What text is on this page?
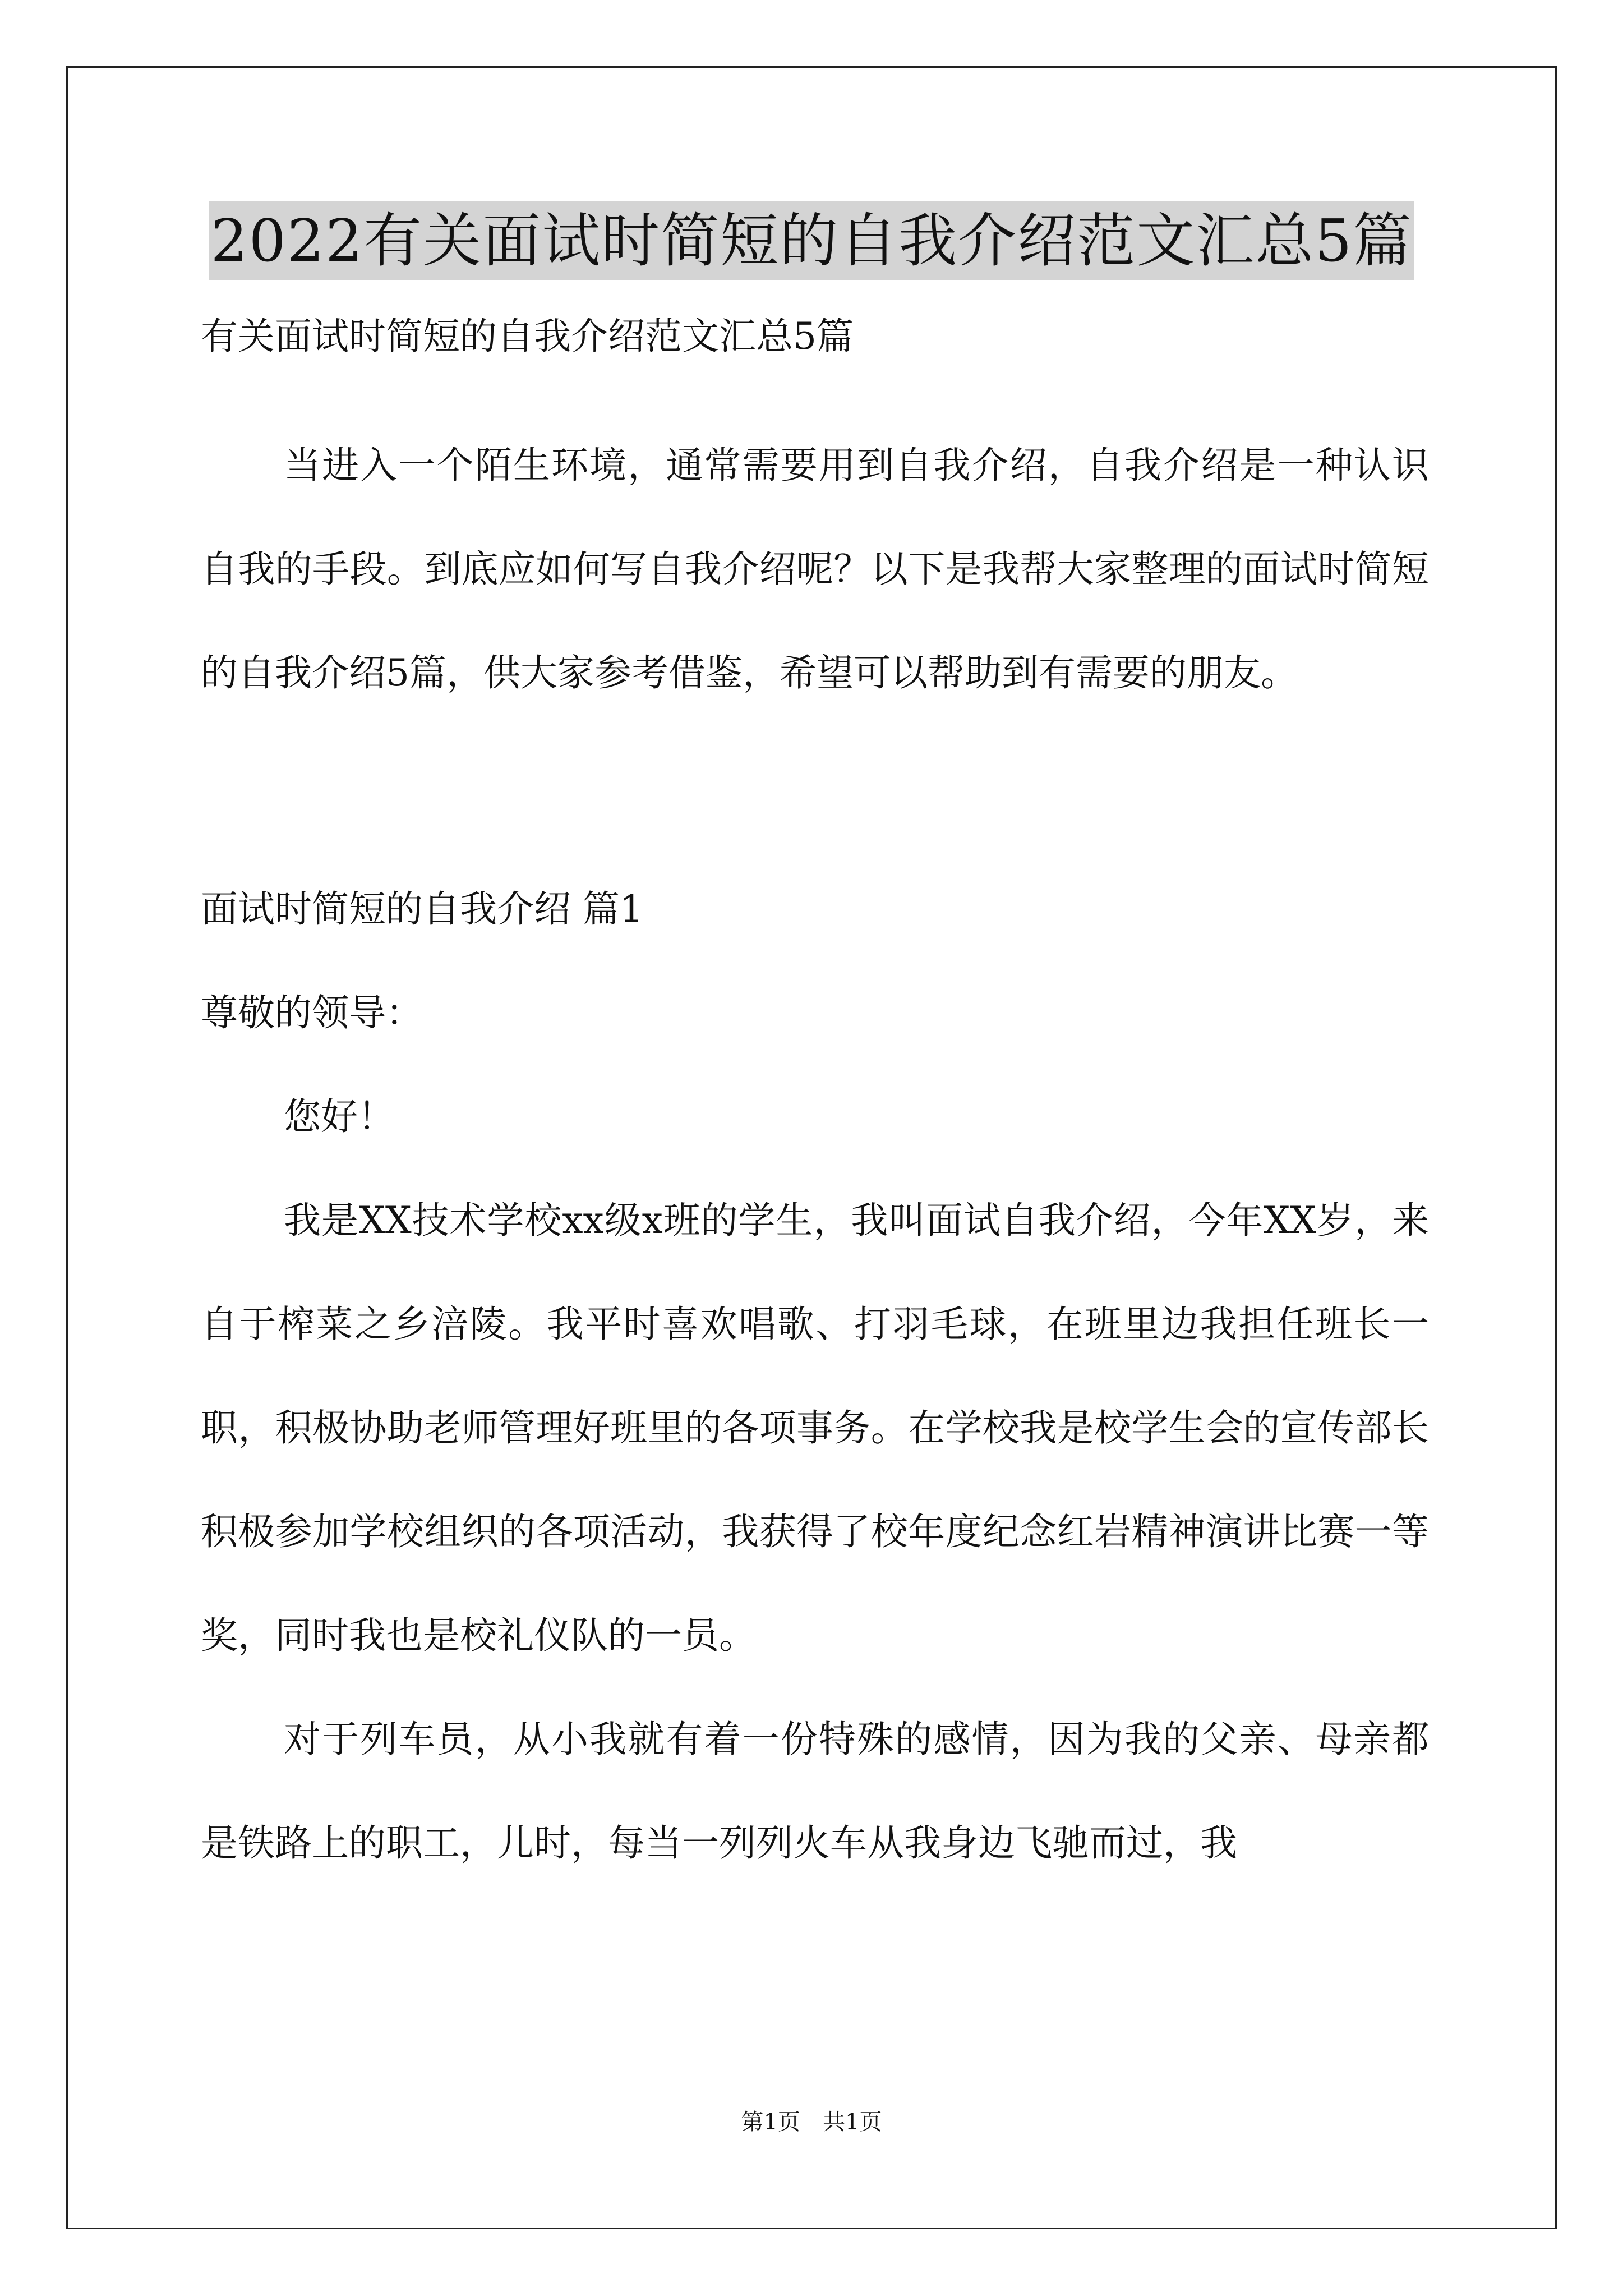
2022有关面试时简短的自我介绍范文汇总5篇

有关面试时简短的自我介绍范文汇总5篇

当进入一个陌生环境，通常需要用到自我介绍，自我介绍是一种认识自我的手段。到底应如何写自我介绍呢？以下是我帮大家整理的面试时简短的自我介绍5篇，供大家参考借鉴，希望可以帮助到有需要的朋友。

面试时简短的自我介绍 篇1

尊敬的领导：

您好！

我是XX技术学校xx级x班的学生，我叫面试自我介绍，今年XX岁，来自于榨菜之乡涪陵。我平时喜欢唱歌、打羽毛球，在班里边我担任班长一职，积极协助老师管理好班里的各项事务。在学校我是校学生会的宣传部长积极参加学校组织的各项活动，我获得了校年度纪念红岩精神演讲比赛一等奖，同时我也是校礼仪队的一员。

对于列车员，从小我就有着一份特殊的感情，因为我的父亲、母亲都是铁路上的职工，儿时，每当一列列火车从我身边飞驰而过，我

第1页　共1页
